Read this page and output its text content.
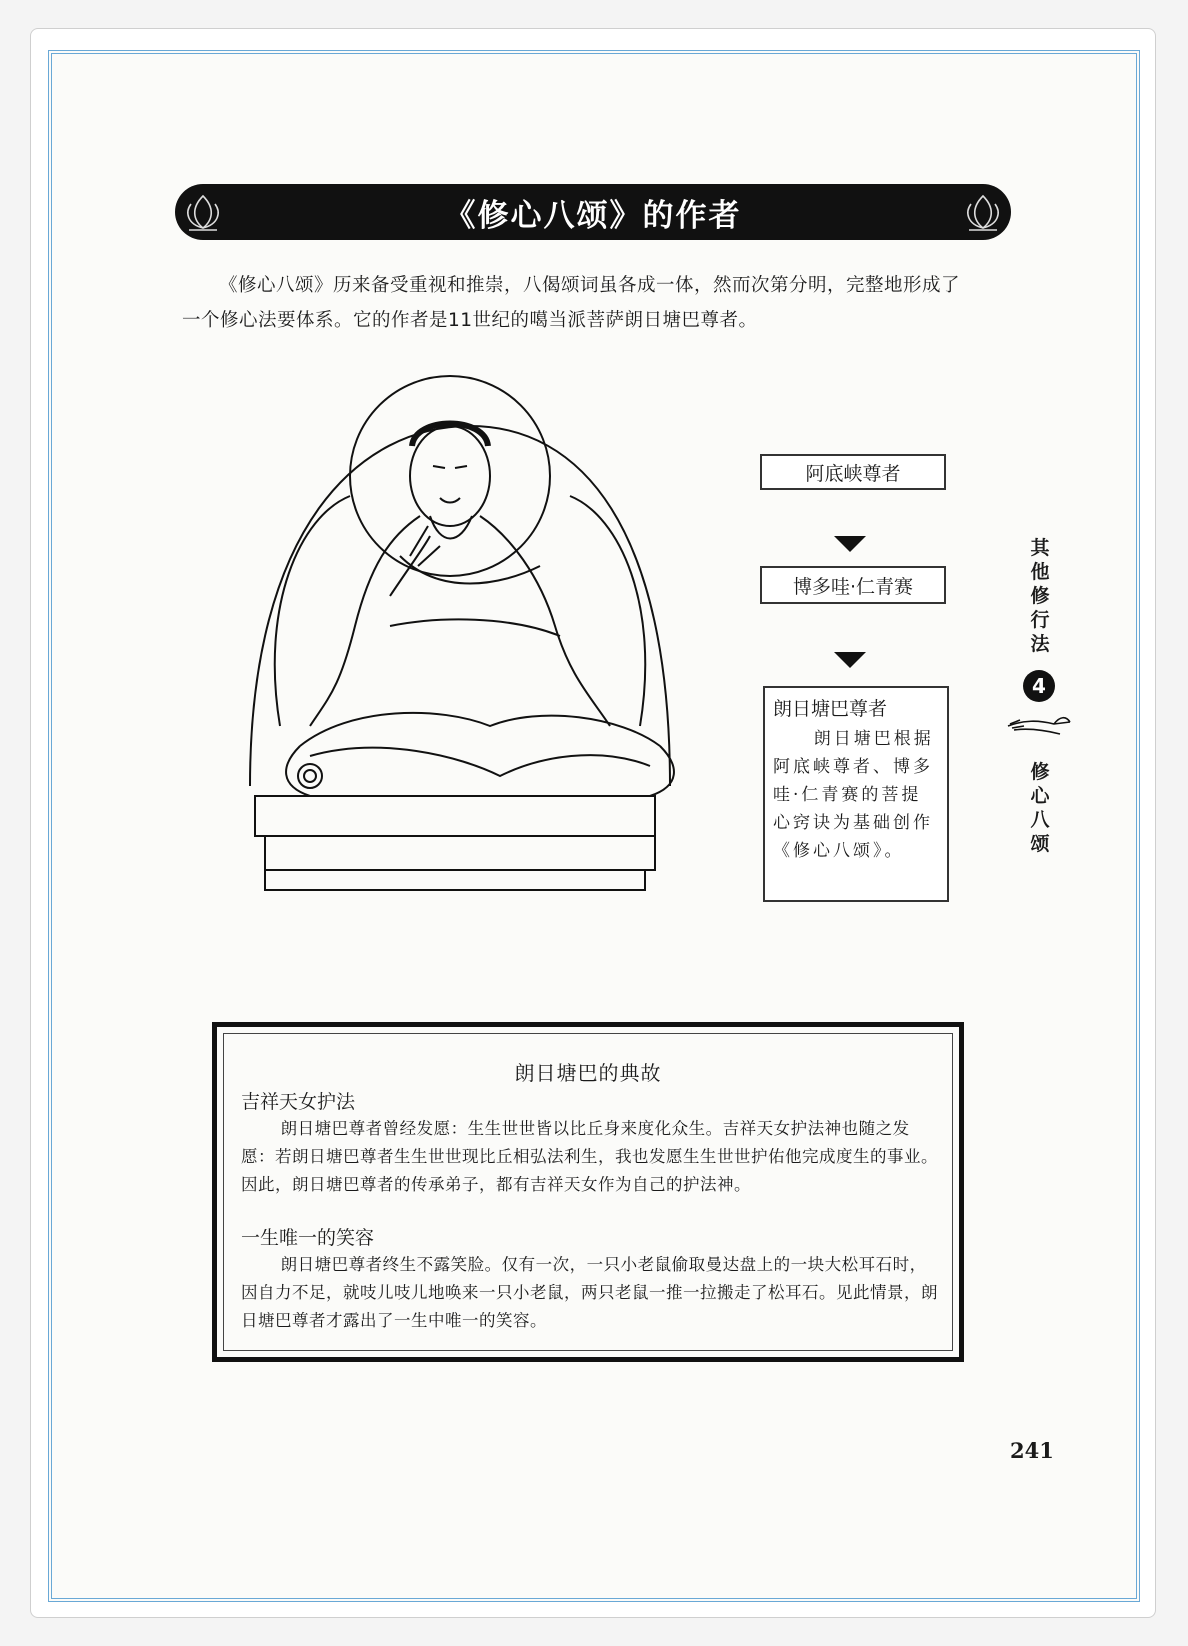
《修心八颂》的作者
《修心八颂》历来备受重视和推崇，八偈颂词虽各成一体，然而次第分明，完整地形成了一个修心法要体系。它的作者是11世纪的噶当派菩萨朗日塘巴尊者。
阿底峡尊者
博多哇·仁青赛
朗日塘巴尊者
朗日塘巴根据阿底峡尊者、博多哇·仁青赛的菩提心窍诀为基础创作《修心八颂》。
其他修行法
4
修心八颂
朗日塘巴的典故
吉祥天女护法
朗日塘巴尊者曾经发愿：生生世世皆以比丘身来度化众生。吉祥天女护法神也随之发愿：若朗日塘巴尊者生生世世现比丘相弘法利生，我也发愿生生世世护佑他完成度生的事业。因此，朗日塘巴尊者的传承弟子，都有吉祥天女作为自己的护法神。
一生唯一的笑容
朗日塘巴尊者终生不露笑脸。仅有一次，一只小老鼠偷取曼达盘上的一块大松耳石时，因自力不足，就吱儿吱儿地唤来一只小老鼠，两只老鼠一推一拉搬走了松耳石。见此情景，朗日塘巴尊者才露出了一生中唯一的笑容。
241
